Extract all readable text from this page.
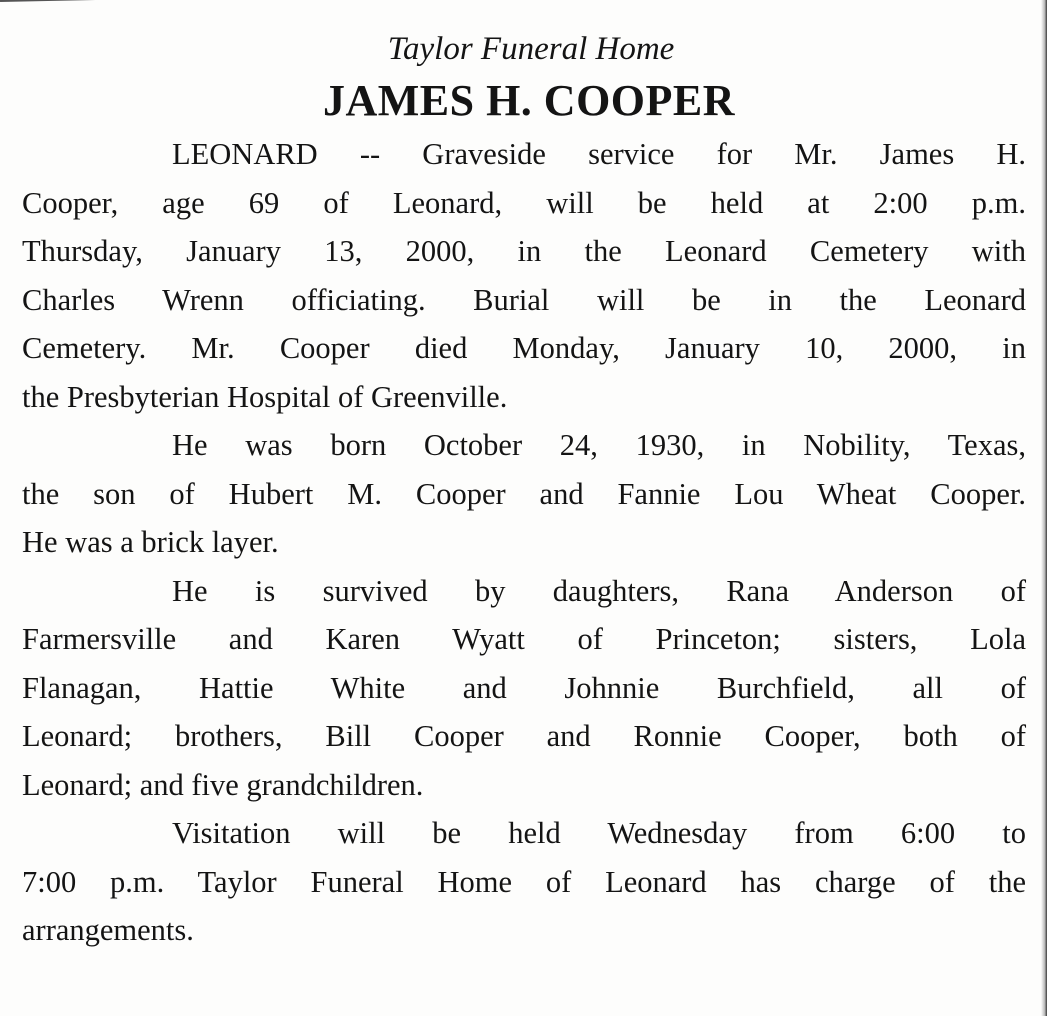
Taylor Funeral Home
JAMES H. COOPER

LEONARD -- Graveside service for Mr. James H.
Cooper, age 69 of Leonard, will be held at 2:00 p.m.
Thursday, January 13, 2000, in the Leonard Cemetery with
Charles Wrenn officiating. Burial will be in the Leonard
Cemetery. Mr. Cooper died Monday, January 10, 2000, in
the Presbyterian Hospital of Greenville.

He was born October 24, 1930, in Nobility, Texas,
the son of Hubert M. Cooper and Fannie Lou Wheat Cooper.
He was a brick layer.

He is survived by daughters, Rana Anderson of
Farmersville and Karen Wyatt of Princeton; sisters, Lola
Flanagan, Hattie White and Johnnie Burchfield, all of
Leonard; brothers, Bill Cooper and Ronnie Cooper, both of
Leonard; and five grandchildren.

Visitation will be held Wednesday from 6:00 to
7:00 p.m. Taylor Funeral Home of Leonard has charge of the
arrangements.
